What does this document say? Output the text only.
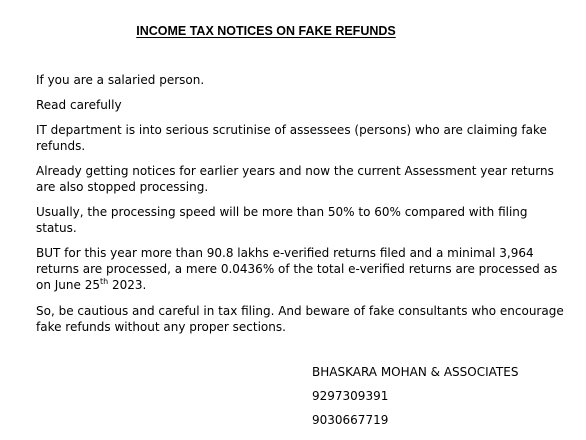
INCOME TAX NOTICES ON FAKE REFUNDS

If you are a salaried person.

Read carefully

IT department is into serious scrutinise of assessees (persons) who are claiming fake refunds.

Already getting notices for earlier years and now the current Assessment year returns are also stopped processing.

Usually, the processing speed will be more than 50% to 60% compared with filing status.

BUT for this year more than 90.8 lakhs e-verified returns filed and a minimal 3,964 returns are processed, a mere 0.0436% of the total e-verified returns are processed as on June 25th 2023.

So, be cautious and careful in tax filing. And beware of fake consultants who encourage fake refunds without any proper sections.

BHASKARA MOHAN & ASSOCIATES
9297309391
9030667719
